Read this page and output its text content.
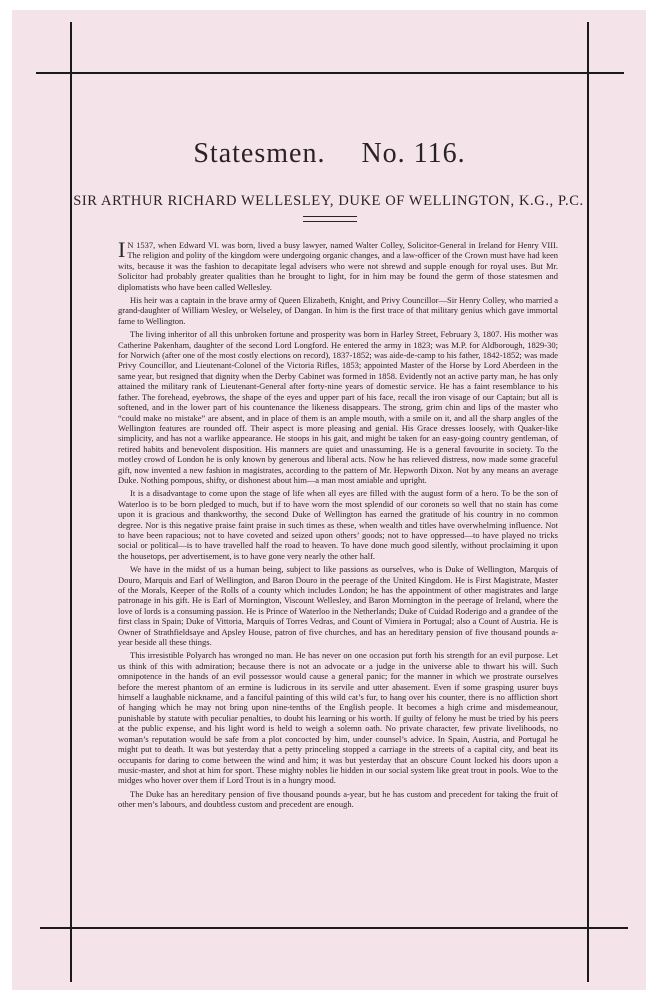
Statesmen. No. 116.
SIR ARTHUR RICHARD WELLESLEY, DUKE OF WELLINGTON, K.G., P.C.

I N 1537, when Edward VI. was born, lived a busy lawyer, named Walter Colley, Solicitor-General in Ireland for Henry VIII. The religion and polity of the kingdom were undergoing organic changes, and a law-officer of the Crown must have had keen wits, because it was the fashion to decapitate legal advisers who were not shrewd and supple enough for royal uses. But Mr. Solicitor had probably greater qualities than he brought to light, for in him may be found the germ of those statesmen and diplomatists who have been called Wellesley.

His heir was a captain in the brave army of Queen Elizabeth, Knight, and Privy Councillor—Sir Henry Colley, who married a grand-daughter of William Wesley, or Welseley, of Dangan. In him is the first trace of that military genius which gave immortal fame to Wellington.

The living inheritor of all this unbroken fortune and prosperity was born in Harley Street, February 3, 1807. His mother was Catherine Pakenham, daughter of the second Lord Longford. He entered the army in 1823; was M.P. for Aldborough, 1829-30; for Norwich (after one of the most costly elections on record), 1837-1852; was aide-de-camp to his father, 1842-1852; was made Privy Councillor, and Lieutenant-Colonel of the Victoria Rifles, 1853; appointed Master of the Horse by Lord Aberdeen in the same year, but resigned that dignity when the Derby Cabinet was formed in 1858. Evidently not an active party man, he has only attained the military rank of Lieutenant-General after forty-nine years of domestic service. He has a faint resemblance to his father. The forehead, eyebrows, the shape of the eyes and upper part of his face, recall the iron visage of our Captain; but all is softened, and in the lower part of his countenance the likeness disappears. The strong, grim chin and lips of the master who “could make no mistake” are absent, and in place of them is an ample mouth, with a smile on it, and all the sharp angles of the Wellington features are rounded off. Their aspect is more pleasing and genial. His Grace dresses loosely, with Quaker-like simplicity, and has not a warlike appearance. He stoops in his gait, and might be taken for an easy-going country gentleman, of retired habits and benevolent disposition. His manners are quiet and unassuming. He is a general favourite in society. To the motley crowd of London he is only known by generous and liberal acts. Now he has relieved distress, now made some graceful gift, now invented a new fashion in magistrates, according to the pattern of Mr. Hepworth Dixon. Not by any means an average Duke. Nothing pompous, shifty, or dishonest about him—a man most amiable and upright.

It is a disadvantage to come upon the stage of life when all eyes are filled with the august form of a hero. To be the son of Waterloo is to be born pledged to much, but if to have worn the most splendid of our coronets so well that no stain has come upon it is gracious and thankworthy, the second Duke of Wellington has earned the gratitude of his country in no common degree. Nor is this negative praise faint praise in such times as these, when wealth and titles have overwhelming influence. Not to have been rapacious; not to have coveted and seized upon others’ goods; not to have oppressed—to have played no tricks social or political—is to have travelled half the road to heaven. To have done much good silently, without proclaiming it upon the housetops, per advertisement, is to have gone very nearly the other half.

We have in the midst of us a human being, subject to like passions as ourselves, who is Duke of Wellington, Marquis of Douro, Marquis and Earl of Wellington, and Baron Douro in the peerage of the United Kingdom. He is First Magistrate, Master of the Morals, Keeper of the Rolls of a county which includes London; he has the appointment of other magistrates and large patronage in his gift. He is Earl of Mornington, Viscount Wellesley, and Baron Mornington in the peerage of Ireland, where the love of lords is a consuming passion. He is Prince of Waterloo in the Netherlands; Duke of Cuidad Roderigo and a grandee of the first class in Spain; Duke of Vittoria, Marquis of Torres Vedras, and Count of Vimiera in Portugal; also a Count of Austria. He is Owner of Strathfieldsaye and Apsley House, patron of five churches, and has an hereditary pension of five thousand pounds a-year beside all these things.

This irresistible Polyarch has wronged no man. He has never on one occasion put forth his strength for an evil purpose. Let us think of this with admiration; because there is not an advocate or a judge in the universe able to thwart his will. Such omnipotence in the hands of an evil possessor would cause a general panic; for the manner in which we prostrate ourselves before the merest phantom of an ermine is ludicrous in its servile and utter abasement. Even if some grasping usurer buys himself a laughable nickname, and a fanciful painting of this wild cat’s fur, to hang over his counter, there is no affliction short of hanging which he may not bring upon nine-tenths of the English people. It becomes a high crime and misdemeanour, punishable by statute with peculiar penalties, to doubt his learning or his worth. If guilty of felony he must be tried by his peers at the public expense, and his light word is held to weigh a solemn oath. No private character, few private livelihoods, no woman’s reputation would be safe from a plot concocted by him, under counsel’s advice. In Spain, Austria, and Portugal he might put to death. It was but yesterday that a petty princeling stopped a carriage in the streets of a capital city, and beat its occupants for daring to come between the wind and him; it was but yesterday that an obscure Count locked his doors upon a music-master, and shot at him for sport. These mighty nobles lie hidden in our social system like great trout in pools. Woe to the midges who hover over them if Lord Trout is in a hungry mood.

The Duke has an hereditary pension of five thousand pounds a-year, but he has custom and precedent for taking the fruit of other men’s labours, and doubtless custom and precedent are enough.
